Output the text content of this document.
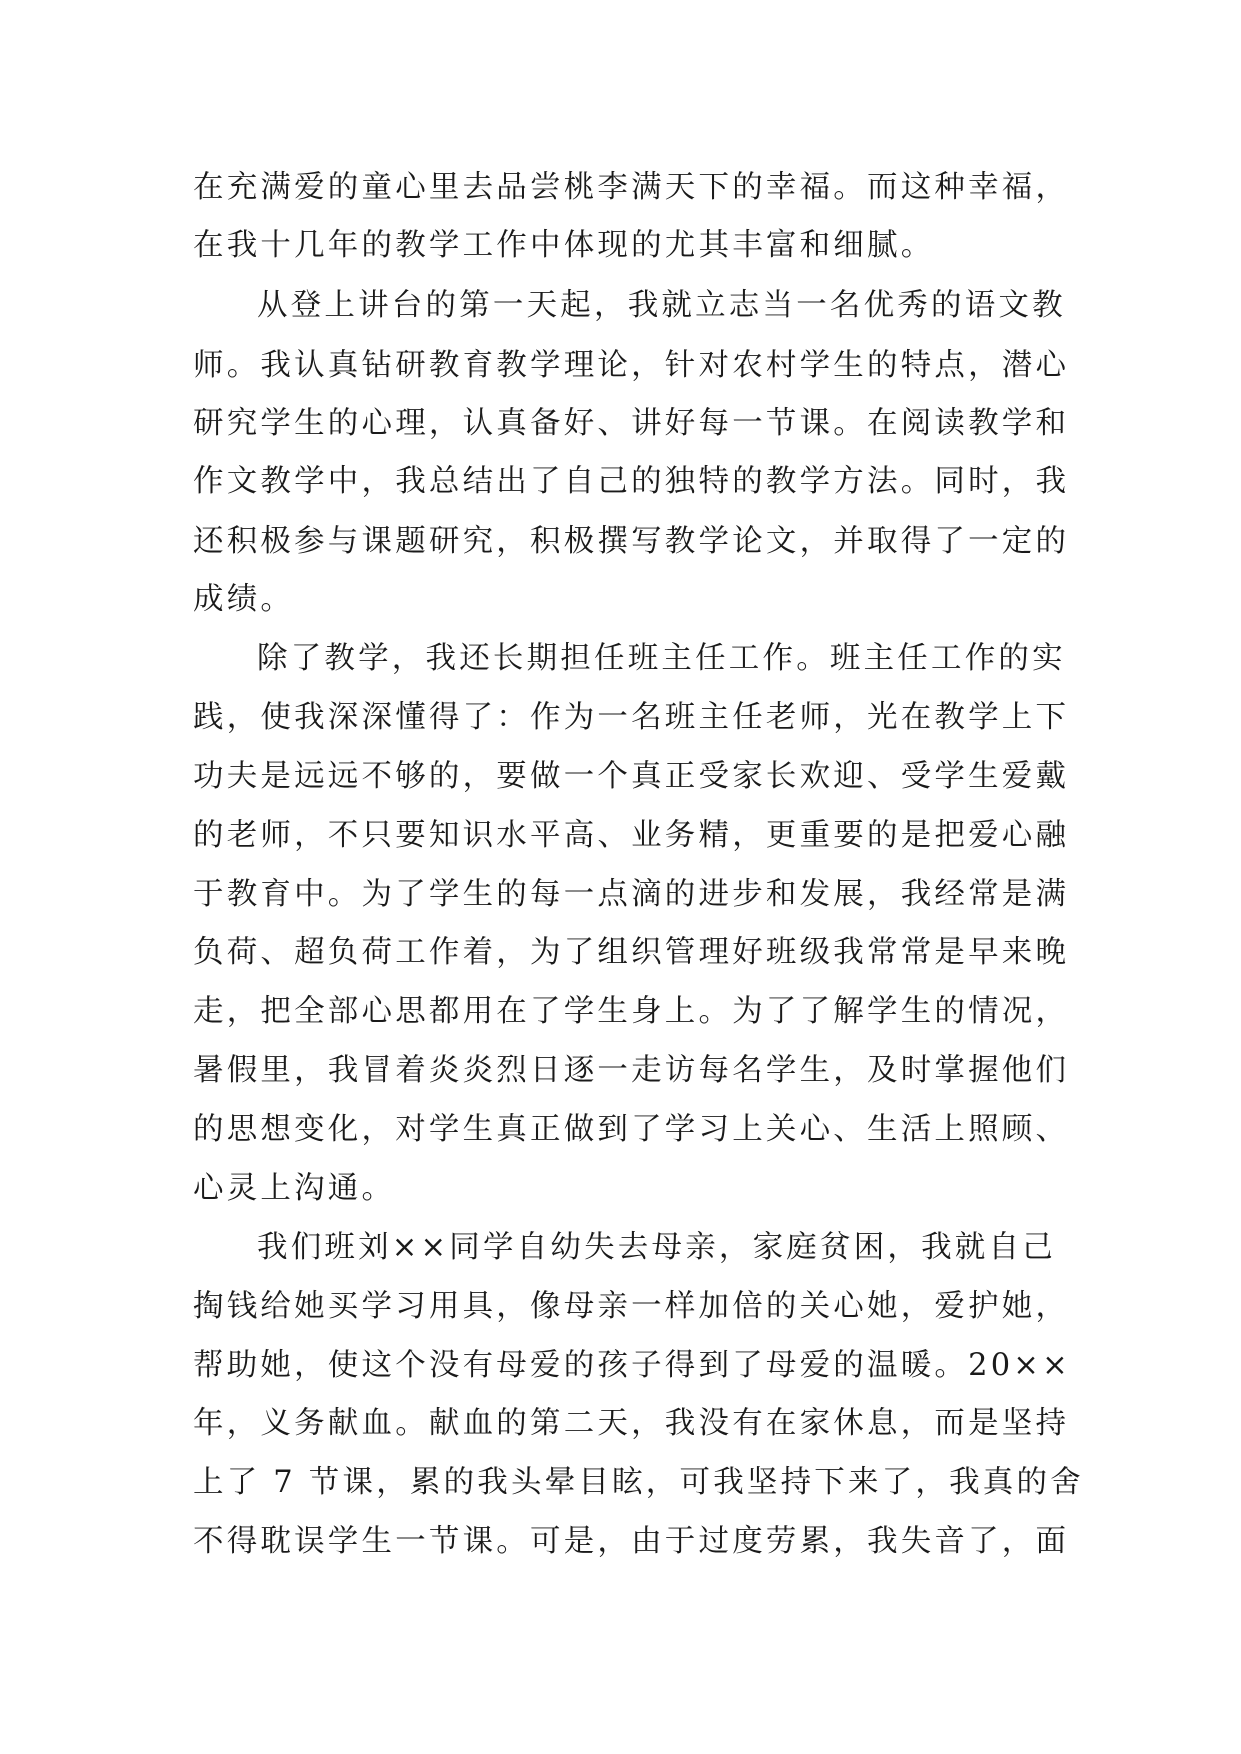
在充满爱的童心里去品尝桃李满天下的幸福。而这种幸福，
在我十几年的教学工作中体现的尤其丰富和细腻。
从登上讲台的第一天起，我就立志当一名优秀的语文教
师。我认真钻研教育教学理论，针对农村学生的特点，潜心
研究学生的心理，认真备好、讲好每一节课。在阅读教学和
作文教学中，我总结出了自己的独特的教学方法。同时，我
还积极参与课题研究，积极撰写教学论文，并取得了一定的
成绩。
除了教学，我还长期担任班主任工作。班主任工作的实
践，使我深深懂得了：作为一名班主任老师，光在教学上下
功夫是远远不够的，要做一个真正受家长欢迎、受学生爱戴
的老师，不只要知识水平高、业务精，更重要的是把爱心融
于教育中。为了学生的每一点滴的进步和发展，我经常是满
负荷、超负荷工作着，为了组织管理好班级我常常是早来晚
走，把全部心思都用在了学生身上。为了了解学生的情况，
暑假里，我冒着炎炎烈日逐一走访每名学生，及时掌握他们
的思想变化，对学生真正做到了学习上关心、生活上照顾、
心灵上沟通。
我们班刘××同学自幼失去母亲，家庭贫困，我就自己
掏钱给她买学习用具，像母亲一样加倍的关心她，爱护她，
帮助她，使这个没有母爱的孩子得到了母爱的温暖。20××
年，义务献血。献血的第二天，我没有在家休息，而是坚持
上了 7 节课，累的我头晕目眩，可我坚持下来了，我真的舍
不得耽误学生一节课。可是，由于过度劳累，我失音了，面
